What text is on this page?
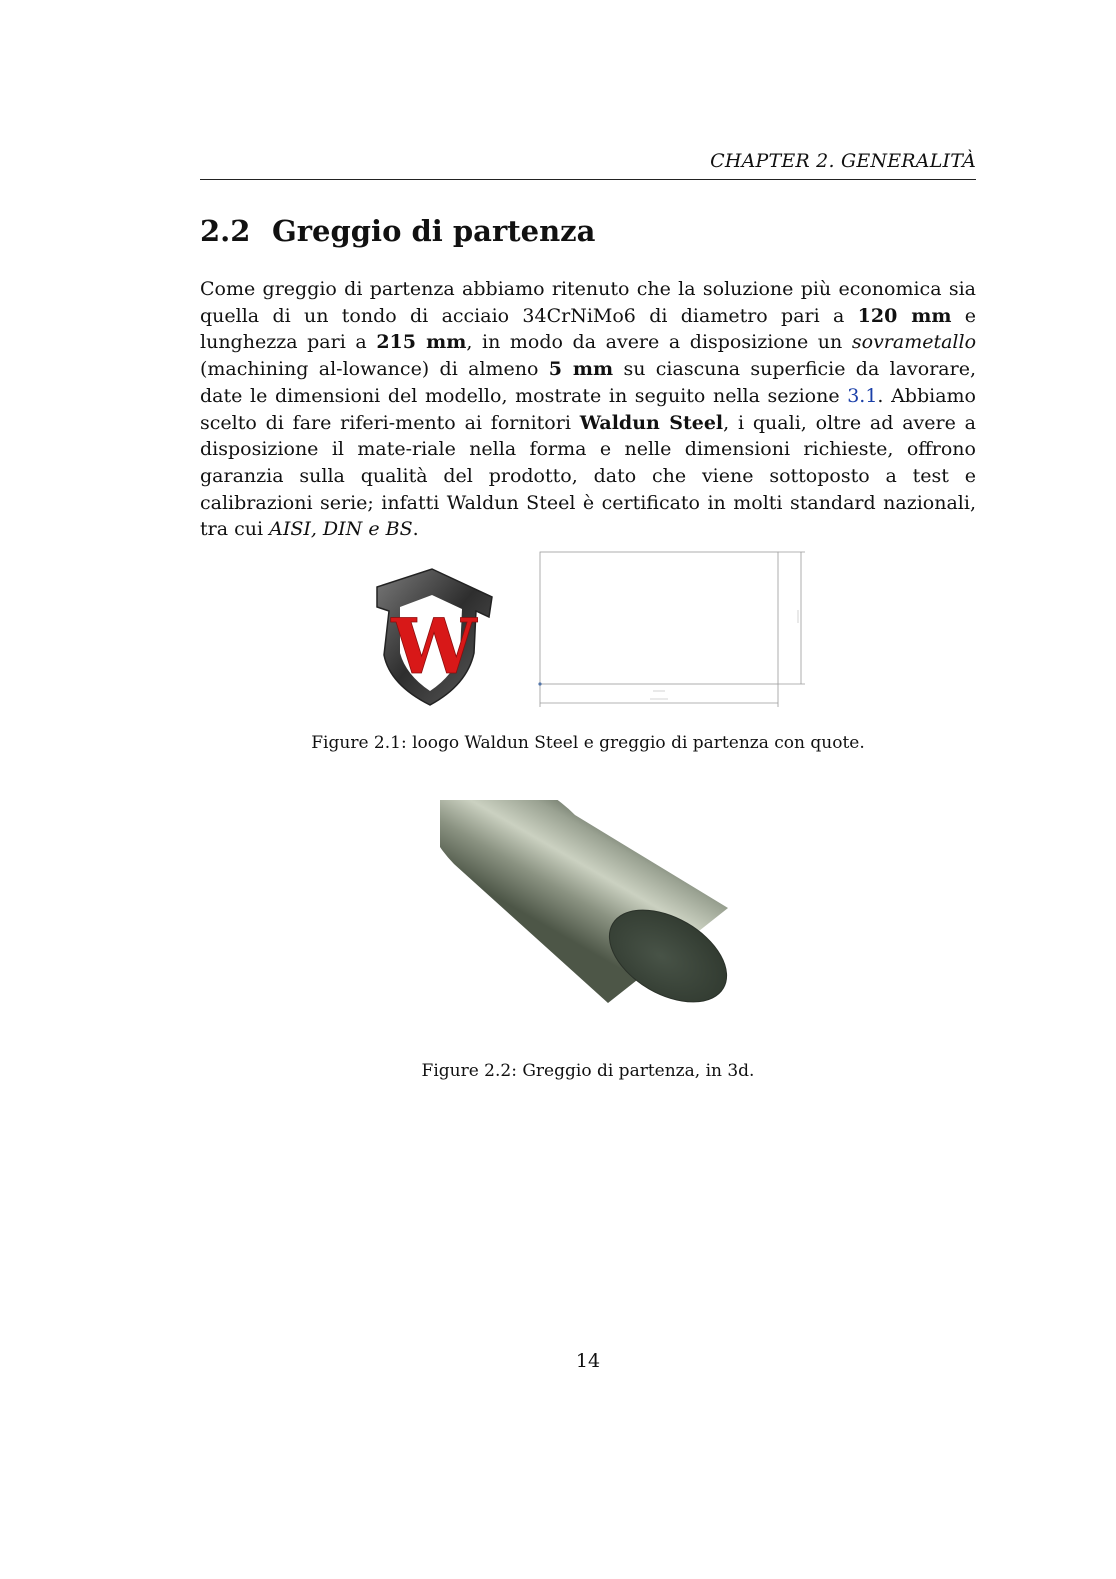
CHAPTER 2. GENERALITÀ
2.2 Greggio di partenza

Come greggio di partenza abbiamo ritenuto che la soluzione più economica sia quella di un tondo di acciaio 34CrNiMo6 di diametro pari a 120 mm e lunghezza pari a 215 mm, in modo da avere a disposizione un sovrametallo (machining al-lowance) di almeno 5 mm su ciascuna superficie da lavorare, date le dimensioni del modello, mostrate in seguito nella sezione 3.1. Abbiamo scelto di fare riferi-mento ai fornitori Waldun Steel, i quali, oltre ad avere a disposizione il mate-riale nella forma e nelle dimensioni richieste, offrono garanzia sulla qualità del prodotto, dato che viene sottoposto a test e calibrazioni serie; infatti Waldun Steel è certificato in molti standard nazionali, tra cui AISI, DIN e BS.

W
Figure 2.1: loogo Waldun Steel e greggio di partenza con quote.
Figure 2.2: Greggio di partenza, in 3d.
14
